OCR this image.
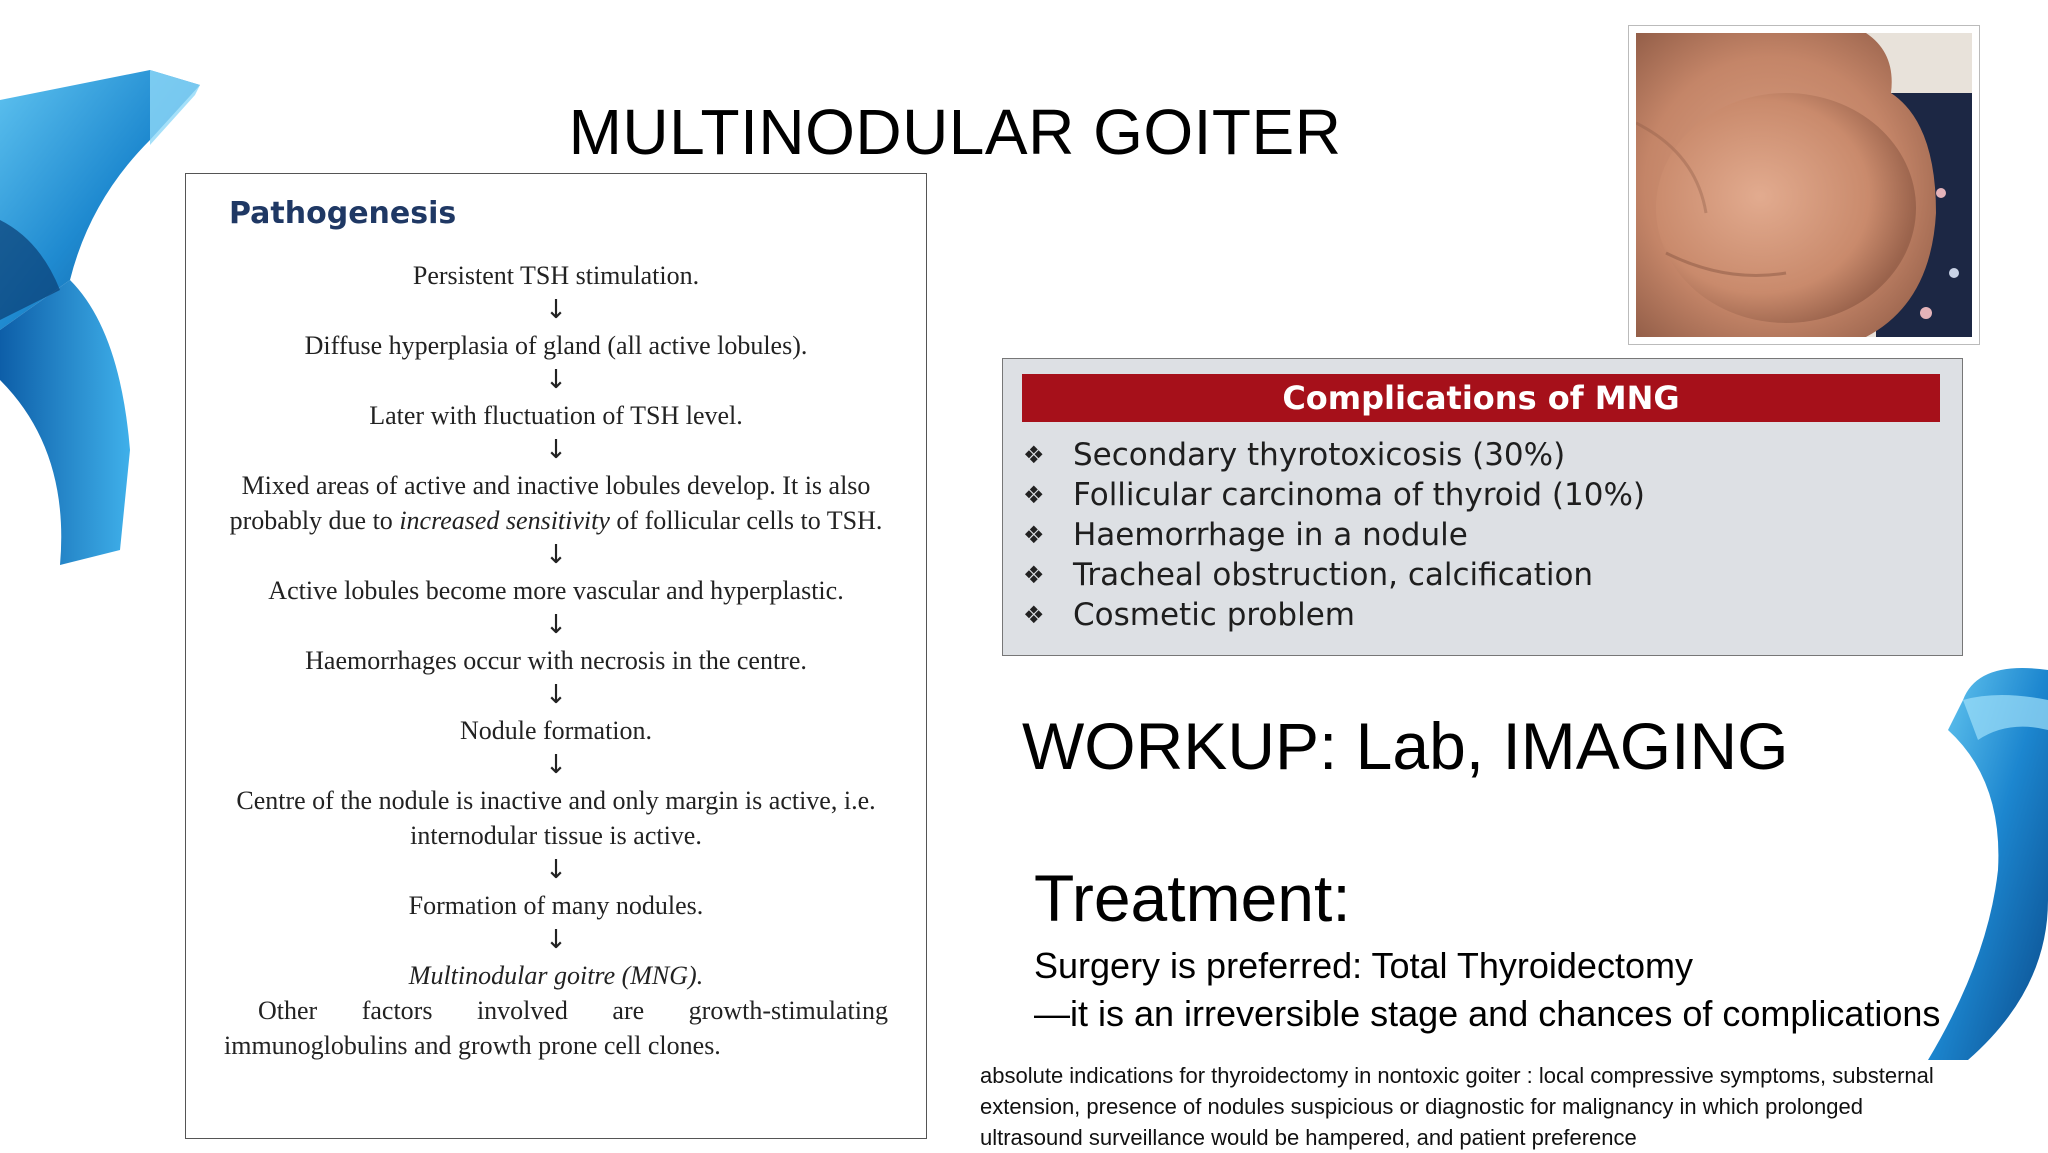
MULTINODULAR GOITER
Pathogenesis

Persistent TSH stimulation.

↓

Diffuse hyperplasia of gland (all active lobules).

↓

Later with fluctuation of TSH level.

↓

Mixed areas of active and inactive lobules develop. It is also probably due to increased sensitivity of follicular cells to TSH.

↓

Active lobules become more vascular and hyperplastic.

↓

Haemorrhages occur with necrosis in the centre.

↓

Nodule formation.

↓

Centre of the nodule is inactive and only margin is active, i.e. internodular tissue is active.

↓

Formation of many nodules.

↓

Multinodular goitre (MNG).

Other factors involved are growth-stimulating immunoglobulins and growth prone cell clones.

Complications of MNG
❖ Secondary thyrotoxicosis (30%)
❖ Follicular carcinoma of thyroid (10%)
❖ Haemorrhage in a nodule
❖ Tracheal obstruction, calcification
❖ Cosmetic problem
WORKUP: Lab, IMAGING
Treatment:
Surgery is preferred: Total Thyroidectomy
—it is an irreversible stage and chances of complications
absolute indications for thyroidectomy in nontoxic goiter : local compressive symptoms, substernal extension, presence of nodules suspicious or diagnostic for malignancy in which prolonged ultrasound surveillance would be hampered, and patient preference
